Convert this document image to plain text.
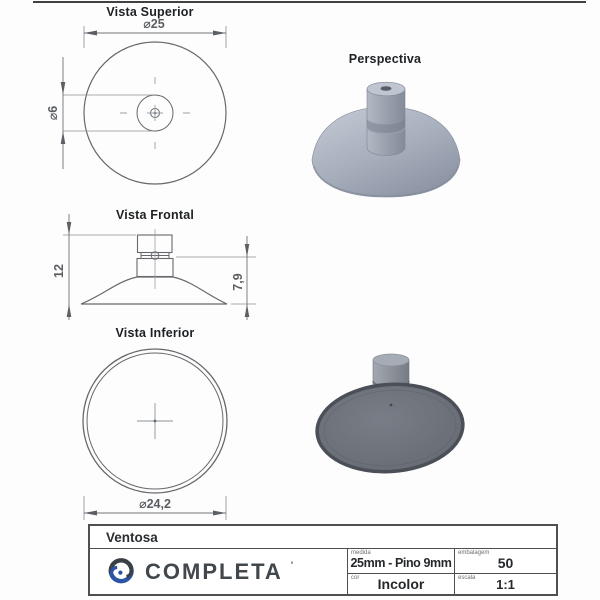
Vista Superior
Perspectiva
Vista Frontal
Vista Inferior
⌀25
⌀6
12
7,9
⌀24,2
Ventosa
COMPLETA '
medida
25mm - Pino 9mm
embalagem
50
cor Incolor	escala 1:1
